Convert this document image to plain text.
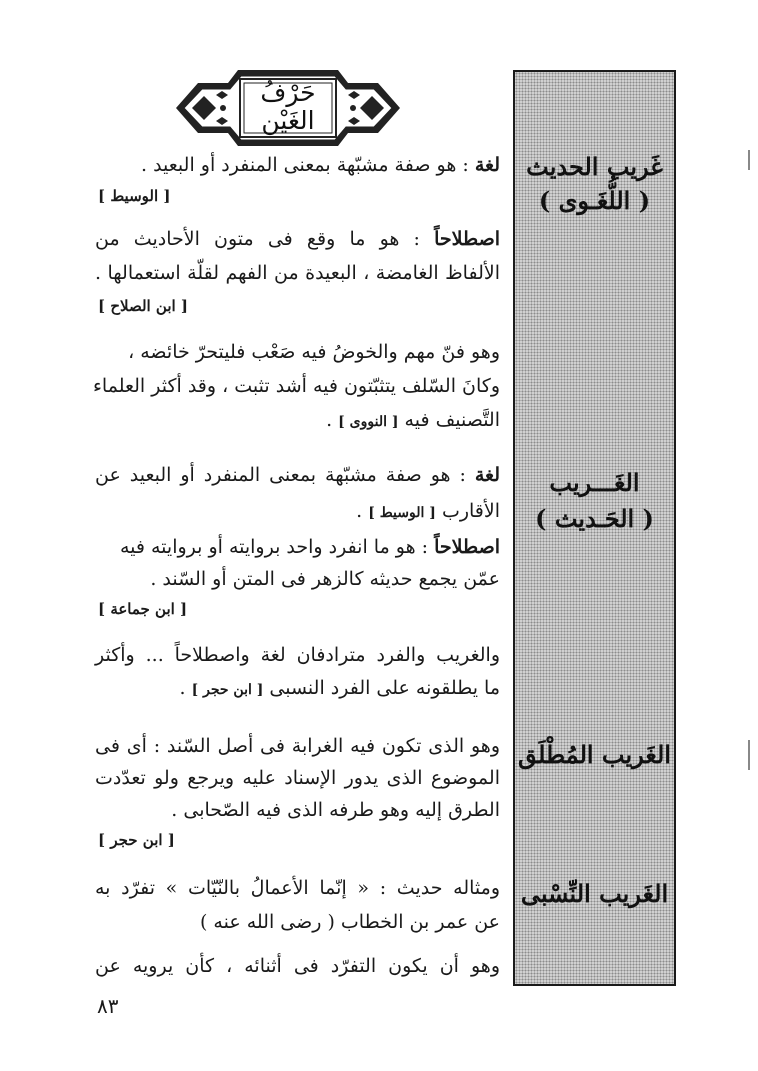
حَرْفُ
الغَيْن
غَريب الحديث
( اللُّغَـوى )
الغَـــريب
( الحَـديث )
الغَريب المُطْلَق
الغَريب النِّسْبى
لغة : هو صفة مشبّهة بمعنى المنفرد أو البعيد .
[ الوسيط ]
اصطلاحاً : هو ما وقع فى متون الأحاديث من
الألفاظ الغامضة ، البعيدة من الفهم لقلّة استعمالها .
[ ابن الصلاح ]
وهو فنّ مهم والخوضُ فيه صَعْب فليتحرّ خائضه ،
وكانَ السّلف يتثبّتون فيه أشد تثبت ، وقد أكثر العلماء
التَّصنيف فيه [ النووى ] .
لغة : هو صفة مشبّهة بمعنى المنفرد أو البعيد عن
الأقارب [ الوسيط ] .
اصطلاحاً : هو ما انفرد واحد بروايته أو بروايته فيه
عمّن يجمع حديثه كالزهر فى المتن أو السّند .
[ ابن جماعة ]
والغريب والفرد مترادفان لغة واصطلاحاً ... وأكثر
ما يطلقونه على الفرد النسبى [ ابن حجر ] .
وهو الذى تكون فيه الغرابة فى أصل السّند : أى فى
الموضوع الذى يدور الإسناد عليه ويرجع ولو تعدّدت
الطرق إليه وهو طرفه الذى فيه الصّحابى .
[ ابن حجر ]
ومثاله حديث : « إنّما الأعمالُ بالنّيّات » تفرّد به
عن عمر بن الخطاب ( رضى الله عنه )
وهو أن يكون التفرّد فى أثنائه ، كأن يرويه عن
٨٣
